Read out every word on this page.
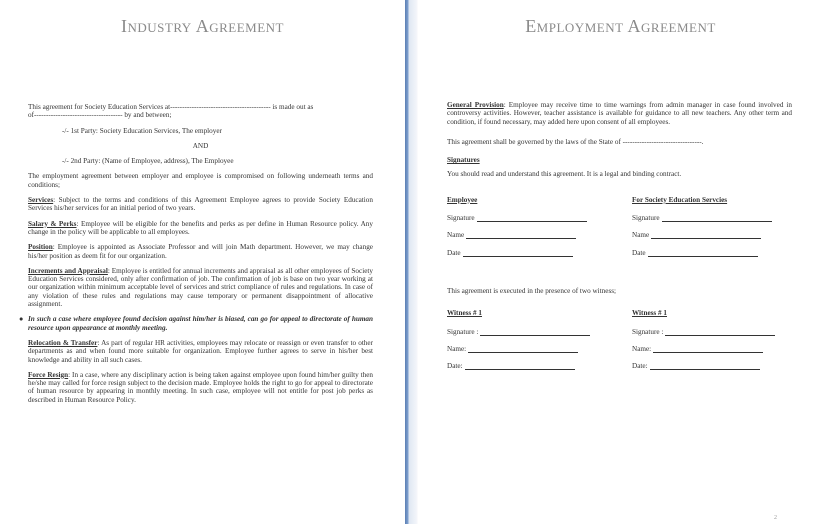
Industry Agreement
This agreement for Society Education Services at------------------------------------------ is made out as
of------------------------------------- by and between;
-/- 1st Party: Society Education Services, The employer
AND
-/- 2nd Party: (Name of Employee, address), The Employee
The employment agreement between employer and employee is compromised on following underneath terms and conditions;
Services: Subject to the terms and conditions of this Agreement Employee agrees to provide Society Education Services his/her services for an initial period of two years.
Salary & Perks: Employee will be eligible for the benefits and perks as per define in Human Resource policy. Any change in the policy will be applicable to all employees.
Position: Employee is appointed as Associate Professor and will join Math department. However, we may change his/her position as deem fit for our organization.
Increments and Appraisal: Employee is entitled for annual increments and appraisal as all other employees of Society Education Services considered, only after confirmation of job. The confirmation of job is base on two year working at our organization within minimum acceptable level of services and strict compliance of rules and regulations. In case of any violation of these rules and regulations may cause temporary or permanent disappointment of allocative assignment.
● In such a case where employee found decision against him/her is biased, can go for appeal to directorate of human resource upon appearance at monthly meeting.
Relocation & Transfer: As part of regular HR activities, employees may relocate or reassign or even transfer to other departments as and when found more suitable for organization. Employee further agrees to serve in his/her best knowledge and ability in all such cases.
Force Resign: In a case, where any disciplinary action is being taken against employee upon found him/her guilty then he/she may called for force resign subject to the decision made. Employee holds the right to go for appeal to directorate of human resource by appearing in monthly meeting. In such case, employee will not entitle for post job perks as described in Human Resource Policy.
Employment Agreement
General Provision: Employee may receive time to time warnings from admin manager in case found involved in controversy activities. However, teacher assistance is available for guidance to all new teachers. Any other term and condition, if found necessary, may added here upon consent of all employees.
This agreement shall be governed by the laws of the State of ---------------------------------.
Signatures
You should read and understand this agreement. It is a legal and binding contract.
Employee
Signature
Name
Date
For Society Education Servcies
Signature
Name
Date
This agreement is executed in the presence of two witness;
Witness # 1
Signature :
Name:
Date:
Witness # 1
Signature :
Name:
Date:
2
